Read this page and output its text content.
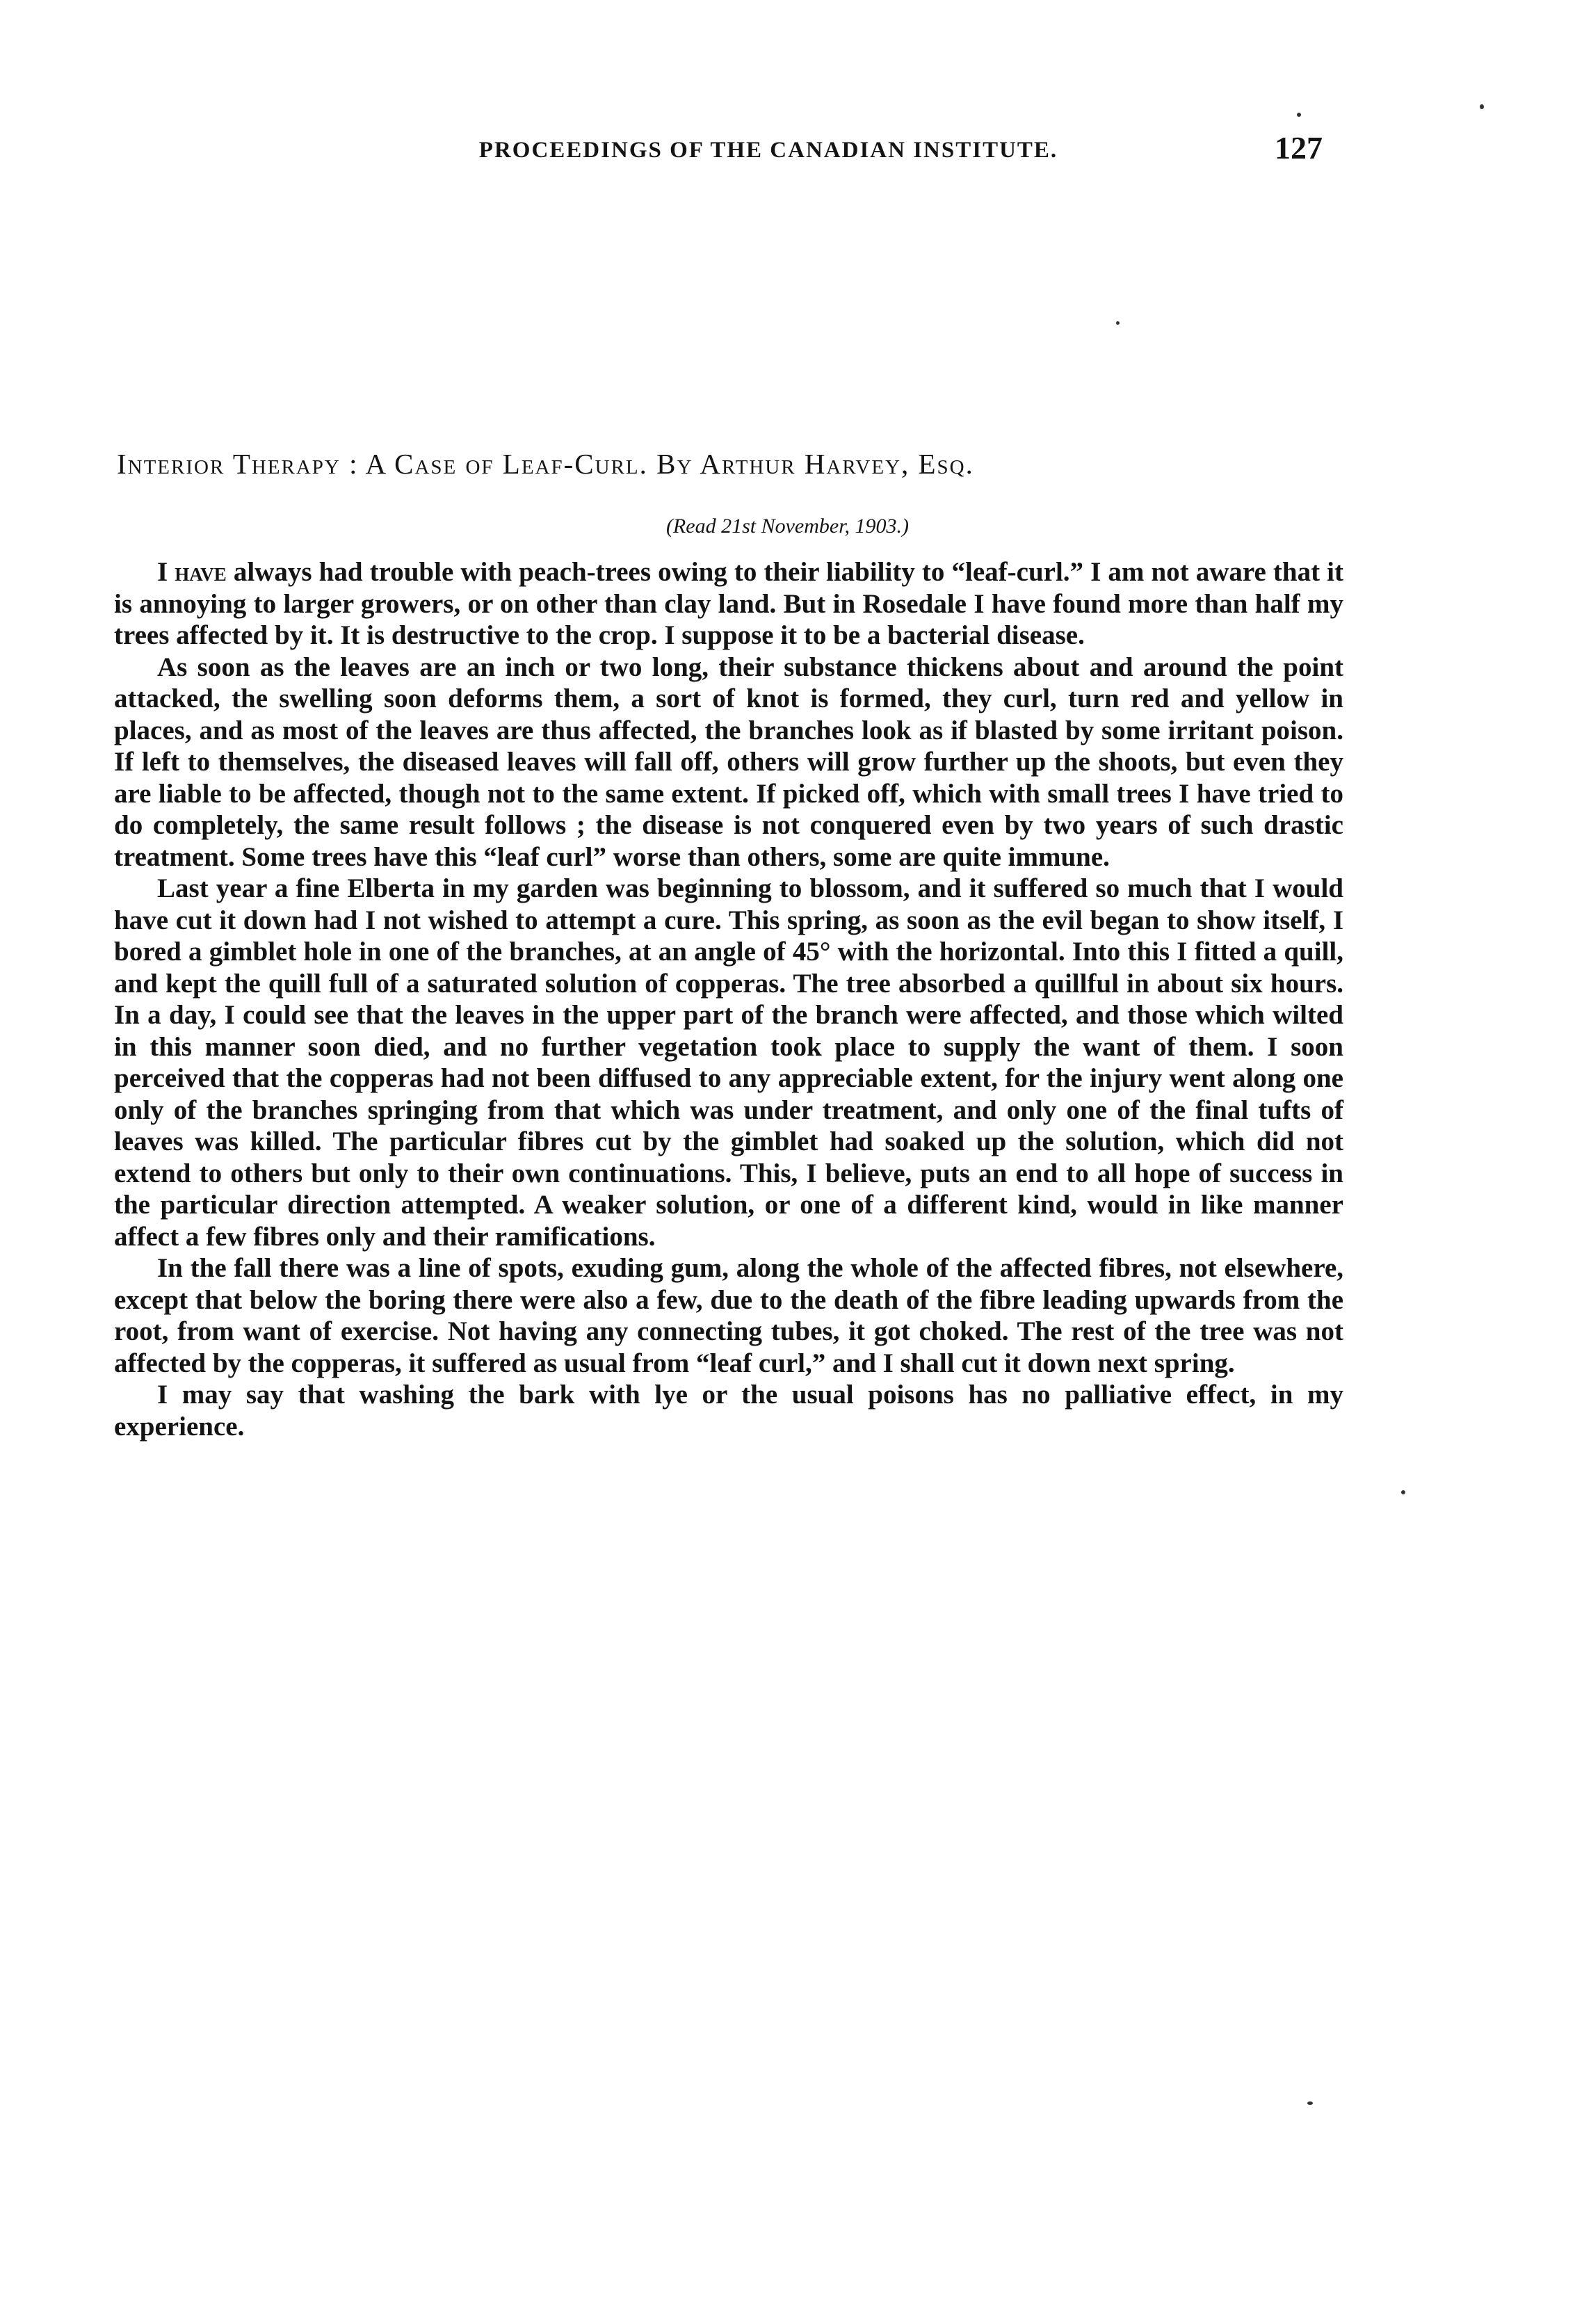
PROCEEDINGS OF THE CANADIAN INSTITUTE.	127
Interior Therapy : A Case of Leaf-Curl. By Arthur Harvey, Esq.
(Read 21st November, 1903.)

I have always had trouble with peach-trees owing to their liability to “leaf-curl.” I am not aware that it is annoying to larger growers, or on other than clay land. But in Rosedale I have found more than half my trees affected by it. It is destructive to the crop. I suppose it to be a bacterial disease.

As soon as the leaves are an inch or two long, their substance thickens about and around the point attacked, the swelling soon deforms them, a sort of knot is formed, they curl, turn red and yellow in places, and as most of the leaves are thus affected, the branches look as if blasted by some irritant poison. If left to themselves, the diseased leaves will fall off, others will grow further up the shoots, but even they are liable to be affected, though not to the same extent. If picked off, which with small trees I have tried to do completely, the same result follows ; the disease is not conquered even by two years of such drastic treatment. Some trees have this “leaf curl” worse than others, some are quite immune.

Last year a fine Elberta in my garden was beginning to blossom, and it suffered so much that I would have cut it down had I not wished to attempt a cure. This spring, as soon as the evil began to show itself, I bored a gimblet hole in one of the branches, at an angle of 45° with the horizontal. Into this I fitted a quill, and kept the quill full of a saturated solution of copperas. The tree absorbed a quillful in about six hours. In a day, I could see that the leaves in the upper part of the branch were affected, and those which wilted in this manner soon died, and no further vegetation took place to supply the want of them. I soon perceived that the copperas had not been diffused to any appreciable extent, for the injury went along one only of the branches springing from that which was under treatment, and only one of the final tufts of leaves was killed. The particular fibres cut by the gimblet had soaked up the solution, which did not extend to others but only to their own continuations. This, I believe, puts an end to all hope of success in the particular direction attempted. A weaker solution, or one of a different kind, would in like manner affect a few fibres only and their ramifications.

In the fall there was a line of spots, exuding gum, along the whole of the affected fibres, not elsewhere, except that below the boring there were also a few, due to the death of the fibre leading upwards from the root, from want of exercise. Not having any connecting tubes, it got choked. The rest of the tree was not affected by the copperas, it suffered as usual from “leaf curl,” and I shall cut it down next spring.

I may say that washing the bark with lye or the usual poisons has no palliative effect, in my experience.
